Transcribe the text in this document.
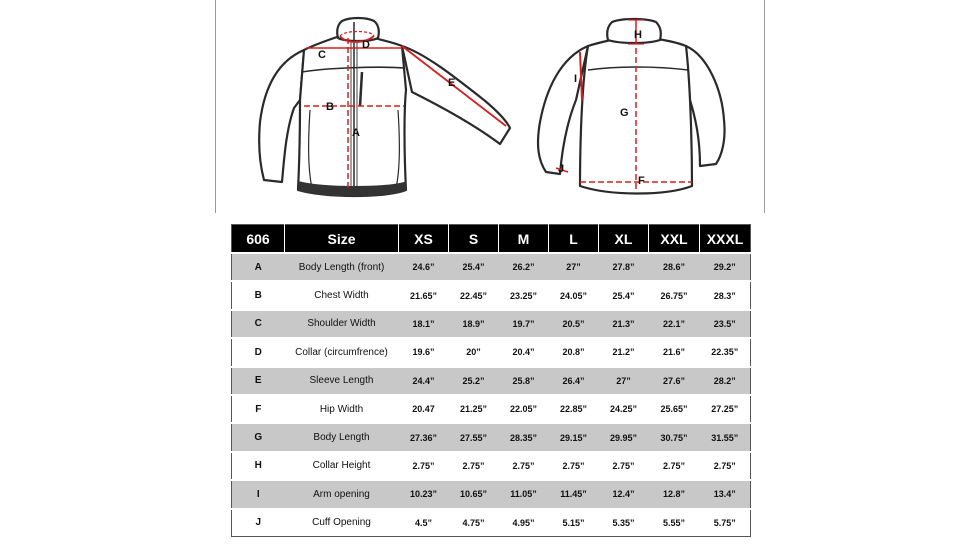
C
D
E
B
A
H
I
G
J
F
606	Size	XS	S	M	L	XL	XXL	XXXL
A	Body Length (front)	24.6”	25.4”	26.2”	27”	27.8”	28.6”	29.2”
B	Chest Width	21.65”	22.45”	23.25”	24.05”	25.4”	26.75”	28.3”
C	Shoulder Width	18.1”	18.9”	19.7”	20.5”	21.3”	22.1”	23.5”
D	Collar (circumfrence)	19.6”	20”	20.4”	20.8”	21.2”	21.6”	22.35”
E	Sleeve Length	24.4”	25.2”	25.8”	26.4”	27”	27.6”	28.2”
F	Hip Width	20.47	21.25”	22.05”	22.85”	24.25”	25.65”	27.25”
G	Body Length	27.36”	27.55”	28.35”	29.15”	29.95”	30.75”	31.55”
H	Collar Height	2.75”	2.75”	2.75”	2.75”	2.75”	2.75”	2.75”
I	Arm opening	10.23”	10.65”	11.05”	11.45”	12.4”	12.8”	13.4”
J	Cuff Opening	4.5”	4.75”	4.95”	5.15”	5.35”	5.55”	5.75”
